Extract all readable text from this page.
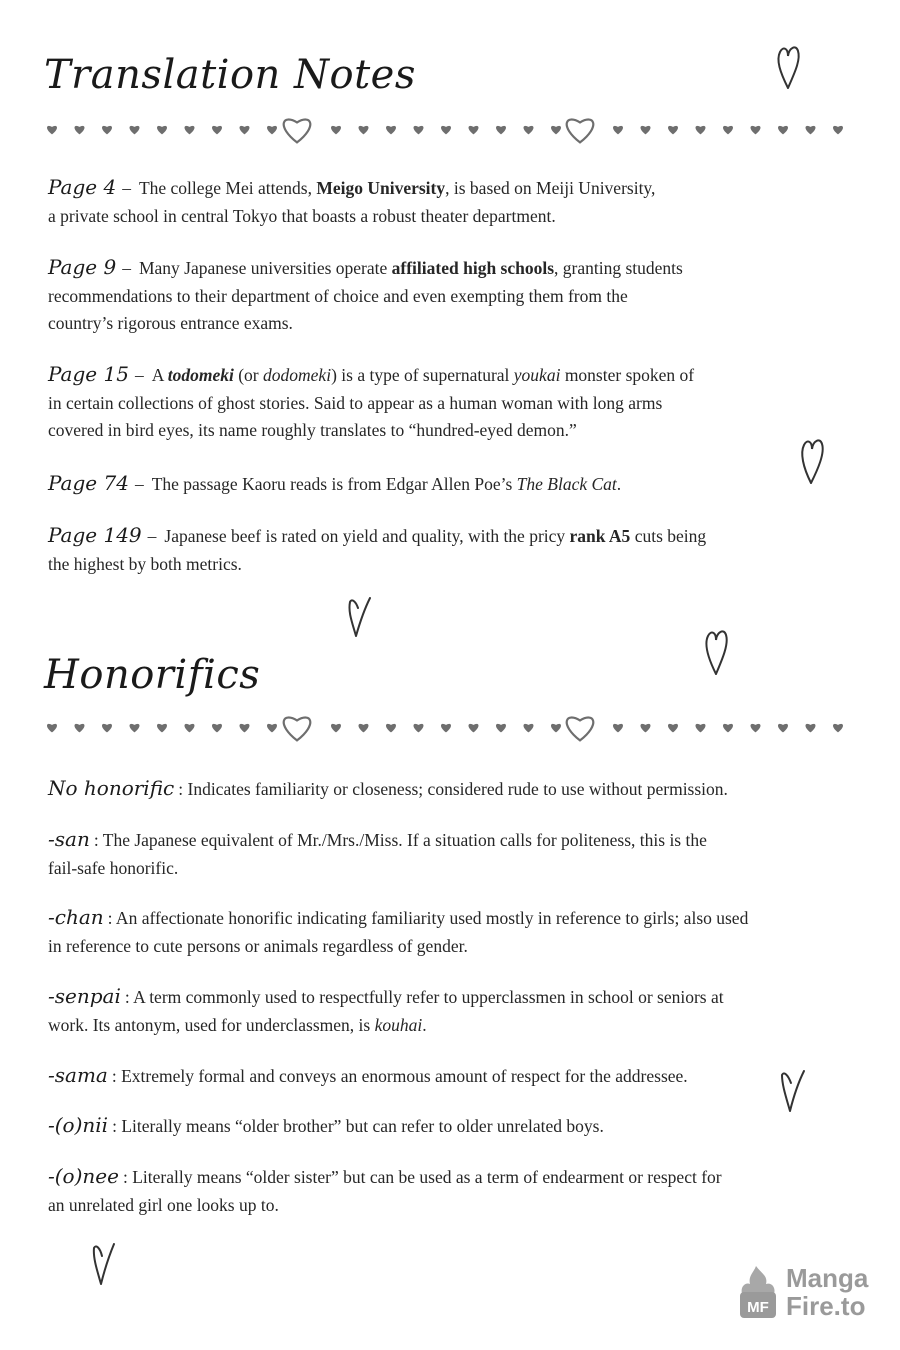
Translation Notes
Page 4 – The college Mei attends, Meigo University, is based on Meiji University,
a private school in central Tokyo that boasts a robust theater department.
Page 9 – Many Japanese universities operate affiliated high schools, granting students
recommendations to their department of choice and even exempting them from the
country’s rigorous entrance exams.
Page 15 – A todomeki (or dodomeki) is a type of supernatural youkai monster spoken of
in certain collections of ghost stories. Said to appear as a human woman with long arms
covered in bird eyes, its name roughly translates to “hundred-eyed demon.”
Page 74 – The passage Kaoru reads is from Edgar Allen Poe’s The Black Cat.
Page 149 – Japanese beef is rated on yield and quality, with the pricy rank A5 cuts being
the highest by both metrics.
Honorifics
No honorific : Indicates familiarity or closeness; considered rude to use without permission.
-san : The Japanese equivalent of Mr./Mrs./Miss. If a situation calls for politeness, this is the
fail-safe honorific.
-chan : An affectionate honorific indicating familiarity used mostly in reference to girls; also used
in reference to cute persons or animals regardless of gender.
-senpai : A term commonly used to respectfully refer to upperclassmen in school or seniors at
work. Its antonym, used for underclassmen, is kouhai.
-sama : Extremely formal and conveys an enormous amount of respect for the addressee.
-(o)nii : Literally means “older brother” but can refer to older unrelated boys.
-(o)nee : Literally means “older sister” but can be used as a term of endearment or respect for
an unrelated girl one looks up to.
MF
Manga
Fire.to
